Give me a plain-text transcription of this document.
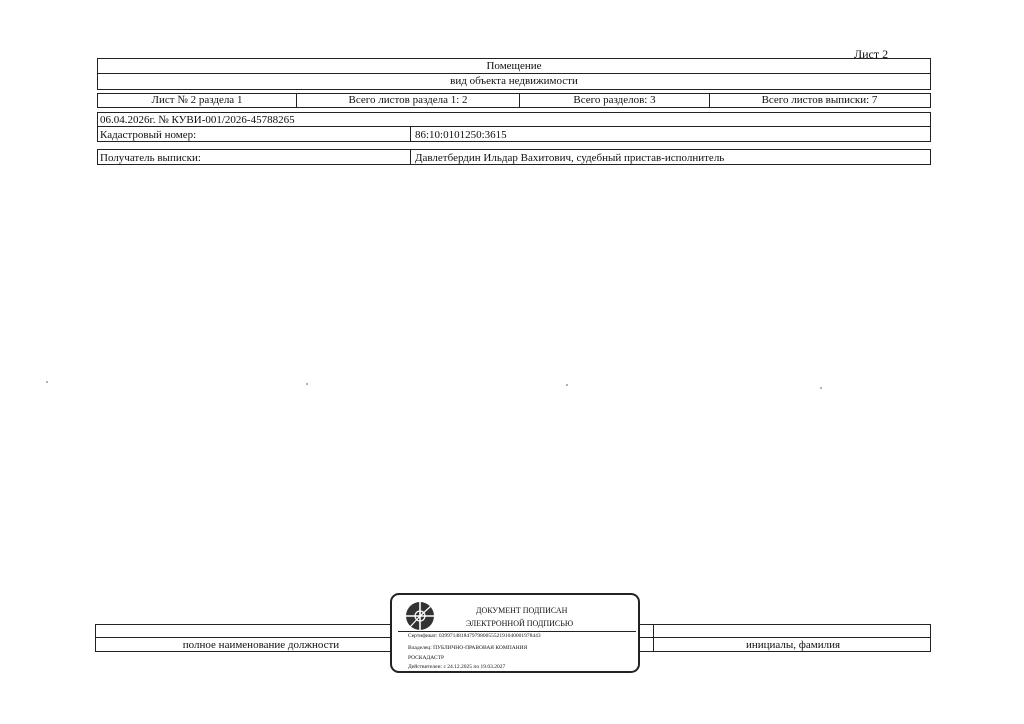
Лист 2
Помещение
вид объекта недвижимости
Лист № 2 раздела 1	Всего листов раздела 1: 2	Всего разделов: 3	Всего листов выписки: 7
06.04.2026г. № КУВИ-001/2026-45788265
Кадастровый номер:	86:10:0101250:3615
Получатель выписки:	Давлетбердин Ильдар Вахитович, судебный пристав-исполнитель
полное наименование должности	инициалы, фамилия
ДОКУМЕНТ ПОДПИСАН
ЭЛЕКТРОННОЙ ПОДПИСЬЮ
Сертификат: 0399714818479798005552191040001978443
Владелец: ПУБЛИЧНО-ПРАВОВАЯ КОМПАНИЯ
РОСКАДАСТР
Действителен: с 24.12.2025 по 19.03.2027
